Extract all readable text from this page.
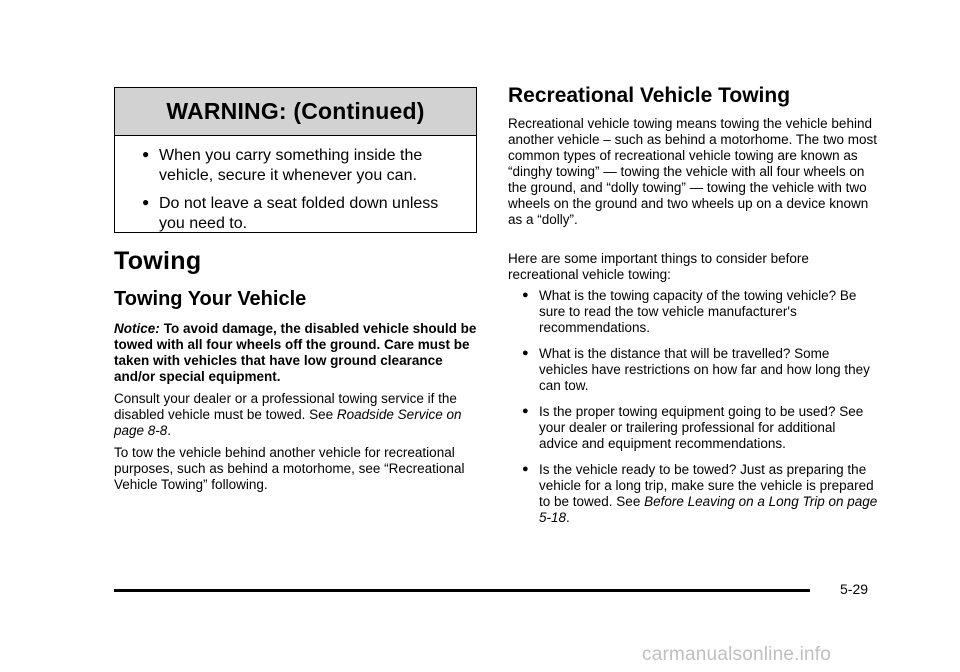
WARNING: (Continued)
● When you carry something inside the vehicle, secure it whenever you can.
● Do not leave a seat folded down unless you need to.
Towing
Towing Your Vehicle

Notice: To avoid damage, the disabled vehicle should be towed with all four wheels off the ground. Care must be taken with vehicles that have low ground clearance and/or special equipment.

Consult your dealer or a professional towing service if the disabled vehicle must be towed. See Roadside Service on page 8-8.

To tow the vehicle behind another vehicle for recreational purposes, such as behind a motorhome, see “Recreational Vehicle Towing” following.

Recreational Vehicle Towing

Recreational vehicle towing means towing the vehicle behind another vehicle – such as behind a motorhome. The two most common types of recreational vehicle towing are known as “dinghy towing” — towing the vehicle with all four wheels on the ground, and “dolly towing” — towing the vehicle with two wheels on the ground and two wheels up on a device known as a “dolly”.

Here are some important things to consider before recreational vehicle towing:

● What is the towing capacity of the towing vehicle? Be sure to read the tow vehicle manufacturer's recommendations.
● What is the distance that will be travelled? Some vehicles have restrictions on how far and how long they can tow.
● Is the proper towing equipment going to be used? See your dealer or trailering professional for additional advice and equipment recommendations.
● Is the vehicle ready to be towed? Just as preparing the vehicle for a long trip, make sure the vehicle is prepared to be towed. See Before Leaving on a Long Trip on page 5-18.
5-29
carmanualsonline.info
